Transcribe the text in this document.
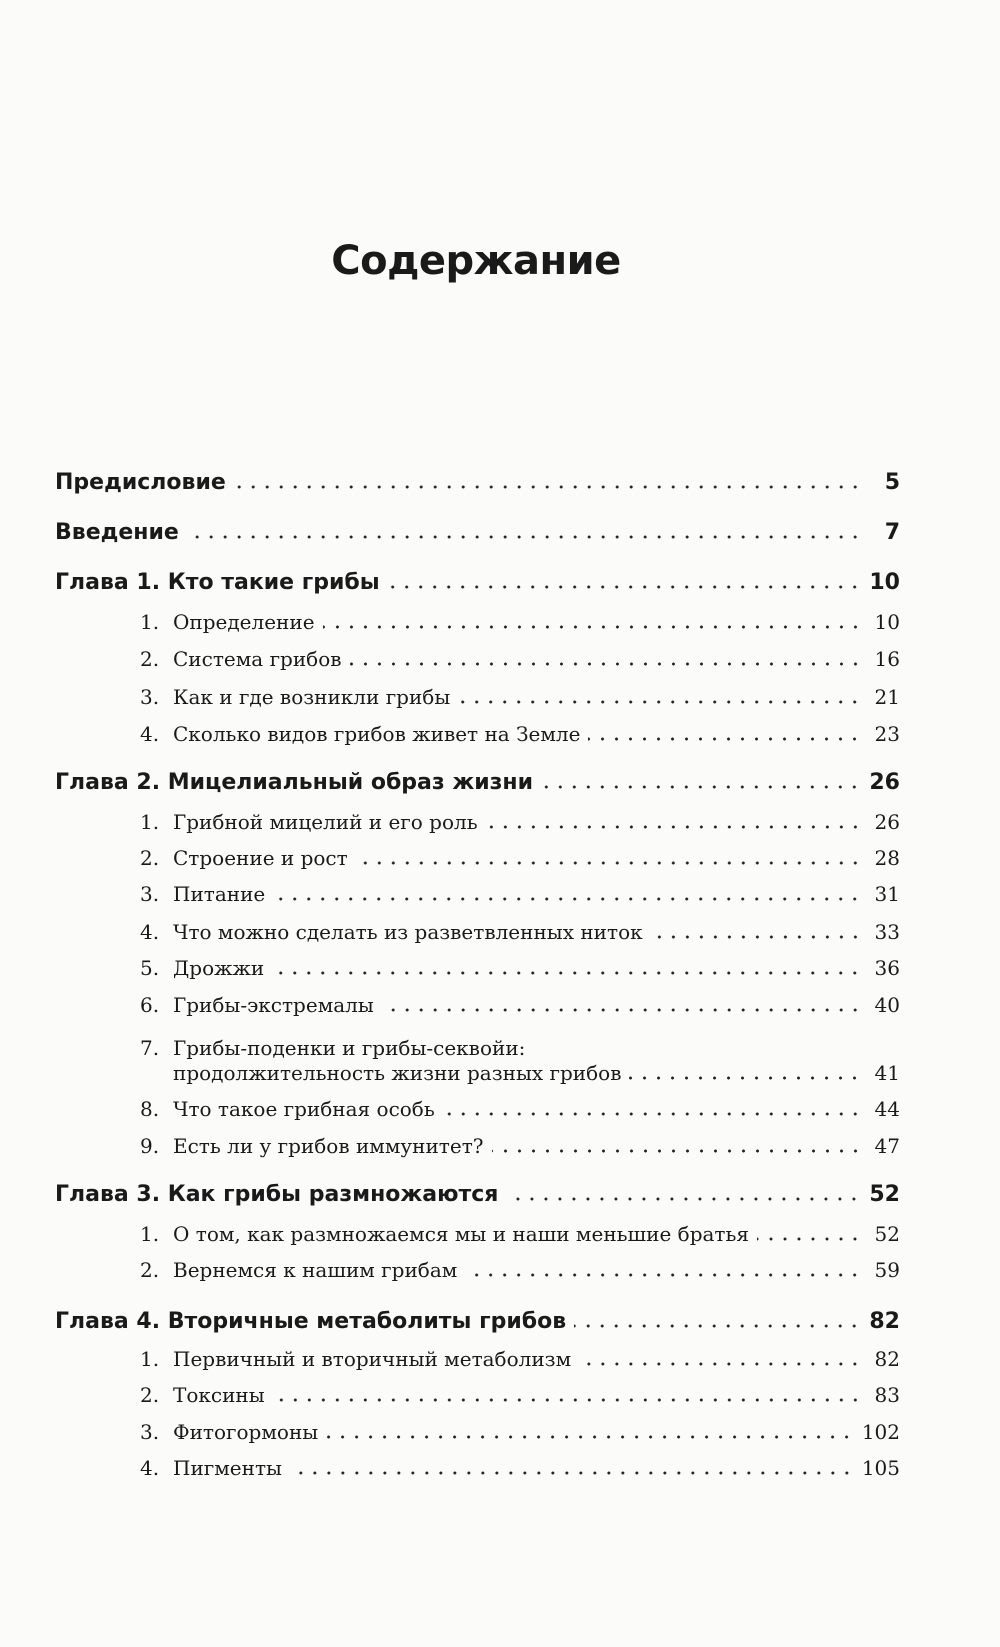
Содержание
Предисловие	5
Введение	7
Глава 1. Кто такие грибы	10
1. Определение	10
2. Система грибов	16
3. Как и где возникли грибы	21
4. Сколько видов грибов живет на Земле	23
Глава 2. Мицелиальный образ жизни	26
1. Грибной мицелий и его роль	26
2. Строение и рост	28
3. Питание	31
4. Что можно сделать из разветвленных ниток	33
5. Дрожжи	36
6. Грибы-экстремалы	40
7. Грибы-поденки и грибы-секвойи:
продолжительность жизни разных грибов	41
8. Что такое грибная особь	44
9. Есть ли у грибов иммунитет?	47
Глава 3. Как грибы размножаются	52
1. О том, как размножаемся мы и наши меньшие братья	52
2. Вернемся к нашим грибам	59
Глава 4. Вторичные метаболиты грибов	82
1. Первичный и вторичный метаболизм	82
2. Токсины	83
3. Фитогормоны	102
4. Пигменты	105
